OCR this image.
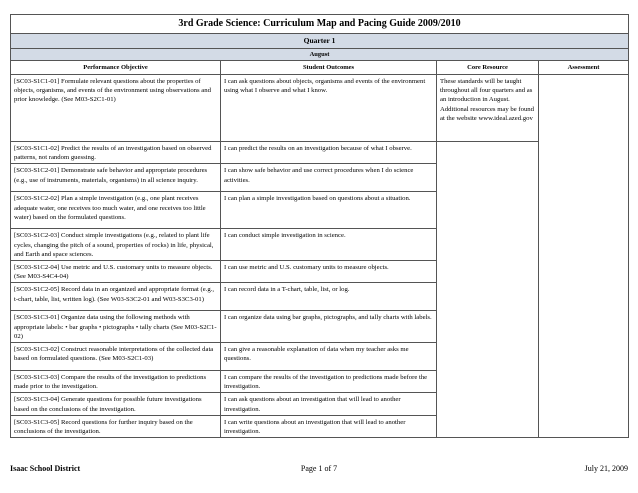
3rd Grade Science: Curriculum Map and Pacing Guide 2009/2010			
Quarter 1			
August			
Performance Objective	Student Outcomes	Core Resource	Assessment
[SC03-S1C1-01] Formulate relevant questions about the properties of objects, organisms, and events of the environment using observations and prior knowledge. (See M03-S2C1-01)	I can ask questions about objects, organisms and events of the environment using what I observe and what I know.	These standards will be taught throughout all four quarters and as an introduction in August. Additional resources may be found at the website www.ideal.azed.gov	
[SC03-S1C1-02] Predict the results of an investigation based on observed patterns, not random guessing.	I can predict the results on an investigation because of what I observe.		
[SC03-S1C2-01] Demonstrate safe behavior and appropriate procedures (e.g., use of instruments, materials, organisms) in all science inquiry.	I can show safe behavior and use correct procedures when I do science activities.		
[SC03-S1C2-02] Plan a simple investigation (e.g., one plant receives adequate water, one receives too much water, and one receives too little water) based on the formulated questions.	I can plan a simple investigation based on questions about a situation.		
[SC03-S1C2-03] Conduct simple investigations (e.g., related to plant life cycles, changing the pitch of a sound, properties of rocks) in life, physical, and Earth and space sciences.	I can conduct simple investigation in science.		
[SC03-S1C2-04] Use metric and U.S. customary units to measure objects. (See M03-S4C4-04)	I can use metric and U.S. customary units to measure objects.		
[SC03-S1C2-05] Record data in an organized and appropriate format (e.g., t-chart, table, list, written log). (See W03-S3C2-01 and W03-S3C3-01)	I can record data in a T-chart, table, list, or log.		
[SC03-S1C3-01] Organize data using the following methods with appropriate labels: • bar graphs • pictographs • tally charts (See M03-S2C1-02)	I can organize data using bar graphs, pictographs, and tally charts with labels.		
[SC03-S1C3-02] Construct reasonable interpretations of the collected data based on formulated questions. (See M03-S2C1-03)	I can give a reasonable explanation of data when my teacher asks me questions.		
[SC03-S1C3-03] Compare the results of the investigation to predictions made prior to the investigation.	I can compare the results of the investigation to predictions made before the investigation.		
[SC03-S1C3-04] Generate questions for possible future investigations based on the conclusions of the investigation.	I can ask questions about an investigation that will lead to another investigation.		
[SC03-S1C3-05] Record questions for further inquiry based on the conclusions of the investigation.	I can write questions about an investigation that will lead to another investigation.		
Isaac School District	Page 1 of 7	July 21, 2009
